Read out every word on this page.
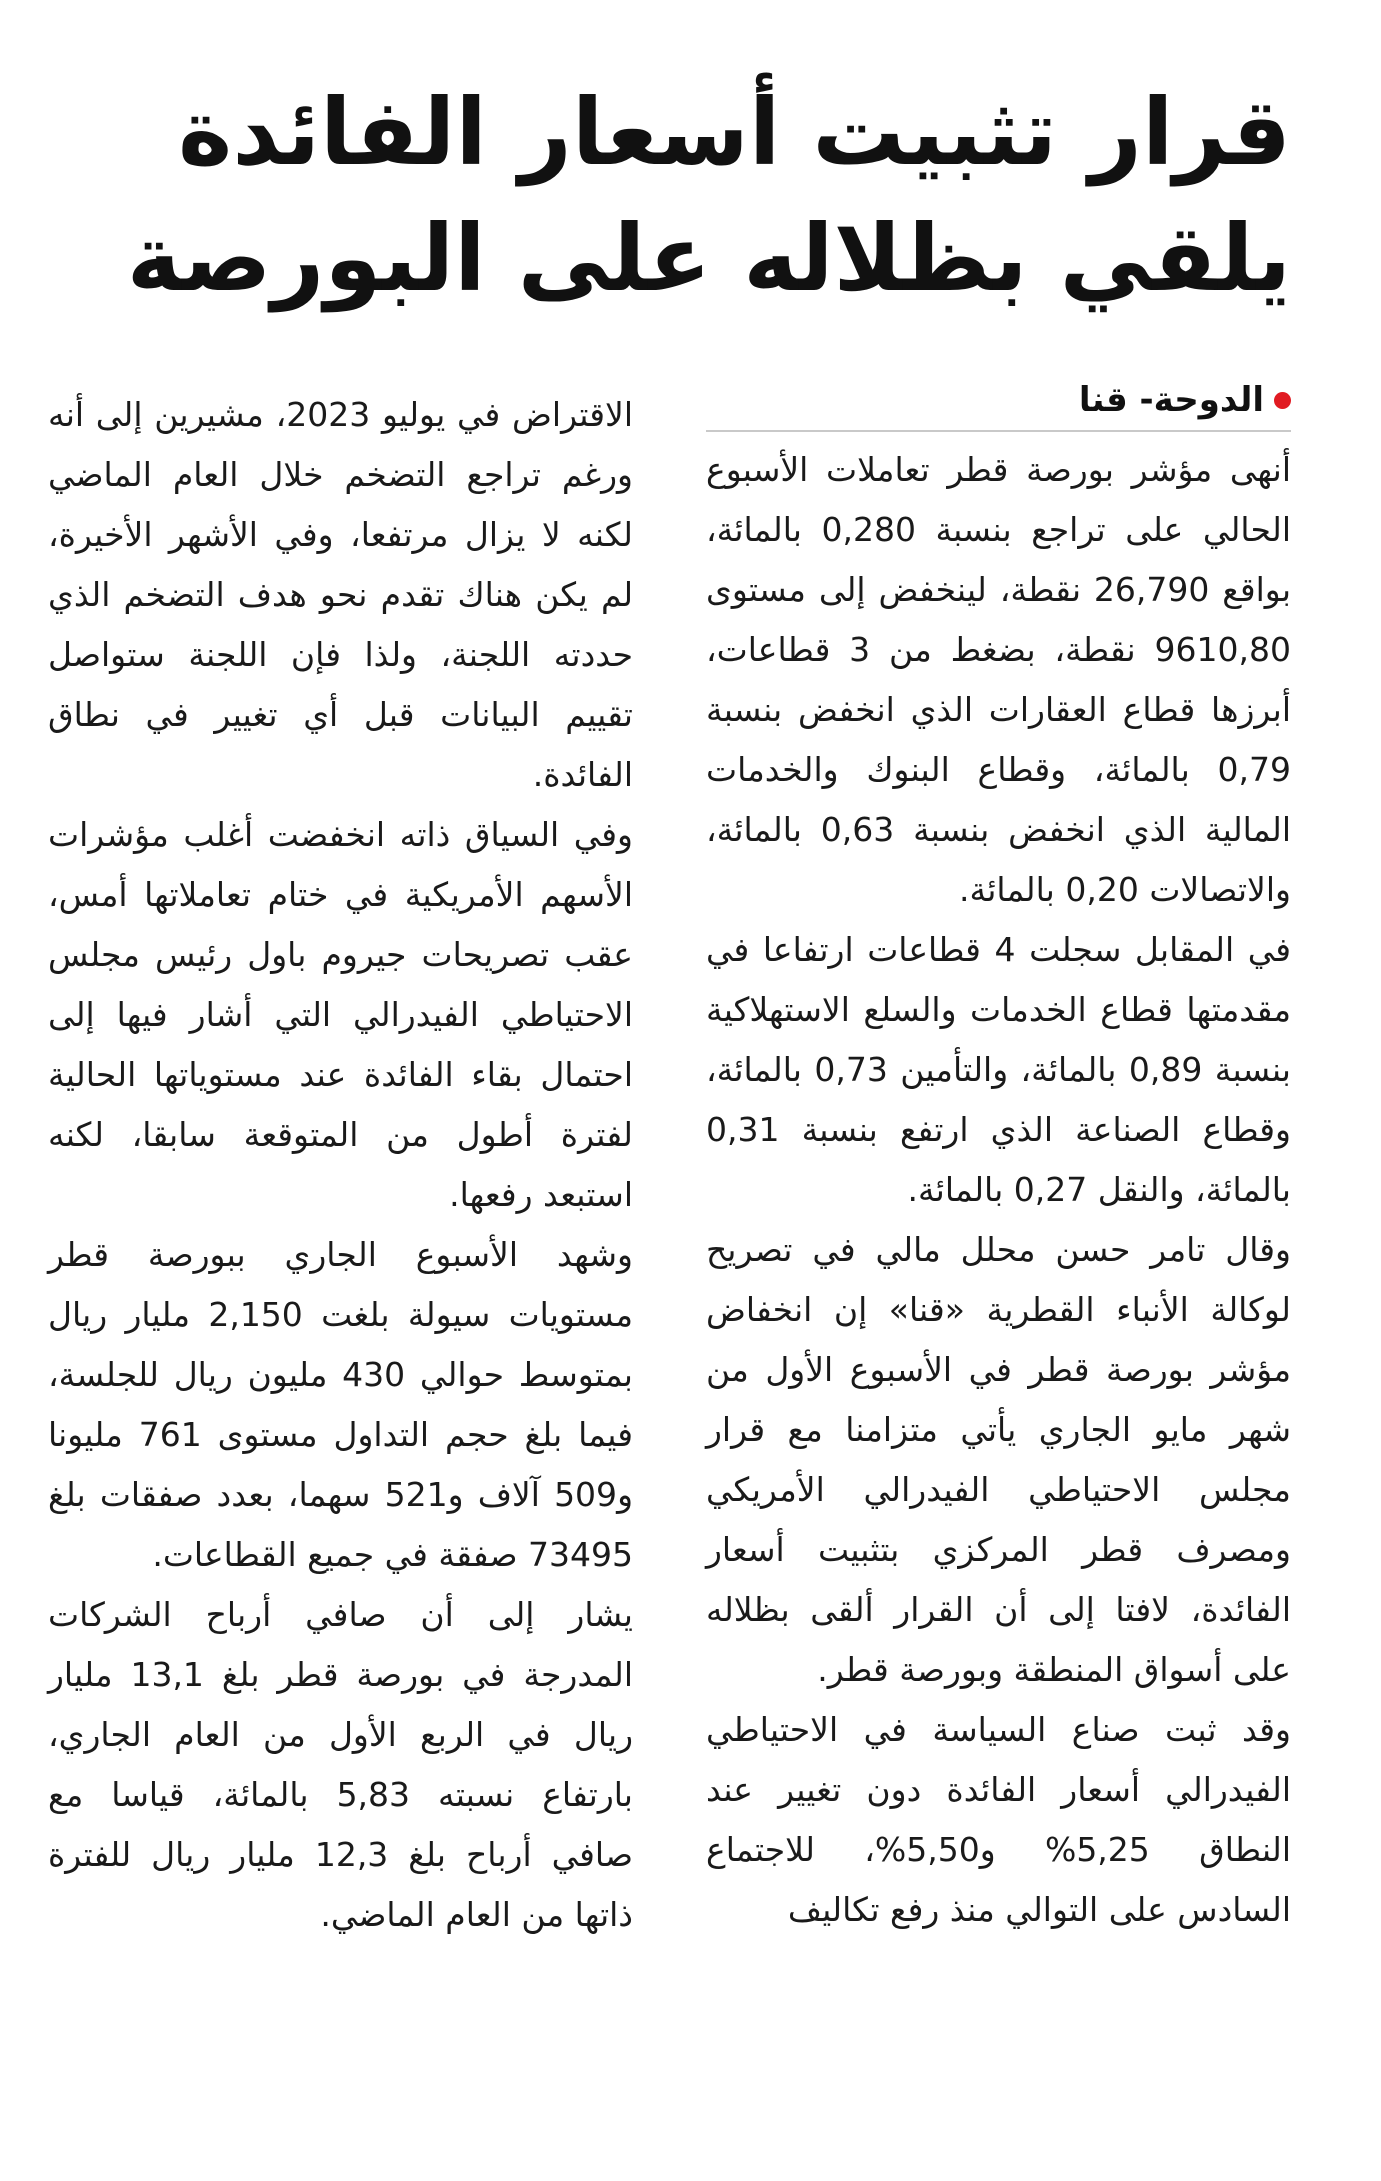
قرار تثبيت أسعار الفائدة
يلقي بظلاله على البورصة
الدوحة- قنا

أنهى مؤشر بورصة قطر تعاملات الأسبوع الحالي على تراجع بنسبة 0,280 بالمائة، بواقع 26,790 نقطة، لينخفض إلى مستوى 9610,80 نقطة، بضغط من 3 قطاعات، أبرزها قطاع العقارات الذي انخفض بنسبة 0,79 بالمائة، وقطاع البنوك والخدمات المالية الذي انخفض بنسبة 0,63 بالمائة، والاتصالات 0,20 بالمائة.

في المقابل سجلت 4 قطاعات ارتفاعا في مقدمتها قطاع الخدمات والسلع الاستهلاكية بنسبة 0,89 بالمائة، والتأمين 0,73 بالمائة، وقطاع الصناعة الذي ارتفع بنسبة 0,31 بالمائة، والنقل 0,27 بالمائة.

وقال تامر حسن محلل مالي في تصريح لوكالة الأنباء القطرية «قنا» إن انخفاض مؤشر بورصة قطر في الأسبوع الأول من شهر مايو الجاري يأتي متزامنا مع قرار مجلس الاحتياطي الفيدرالي الأمريكي ومصرف قطر المركزي بتثبيت أسعار الفائدة، لافتا إلى أن القرار ألقى بظلاله على أسواق المنطقة وبورصة قطر.

وقد ثبت صناع السياسة في الاحتياطي الفيدرالي أسعار الفائدة دون تغيير عند النطاق 5,25% و5,50%، للاجتماع السادس على التوالي منذ رفع تكاليف

الاقتراض في يوليو 2023، مشيرين إلى أنه ورغم تراجع التضخم خلال العام الماضي لكنه لا يزال مرتفعا، وفي الأشهر الأخيرة، لم يكن هناك تقدم نحو هدف التضخم الذي حددته اللجنة، ولذا فإن اللجنة ستواصل تقييم البيانات قبل أي تغيير في نطاق الفائدة.

وفي السياق ذاته انخفضت أغلب مؤشرات الأسهم الأمريكية في ختام تعاملاتها أمس، عقب تصريحات جيروم باول رئيس مجلس الاحتياطي الفيدرالي التي أشار فيها إلى احتمال بقاء الفائدة عند مستوياتها الحالية لفترة أطول من المتوقعة سابقا، لكنه استبعد رفعها.

وشهد الأسبوع الجاري ببورصة قطر مستويات سيولة بلغت 2,150 مليار ريال بمتوسط حوالي 430 مليون ريال للجلسة، فيما بلغ حجم التداول مستوى 761 مليونا و509 آلاف و521 سهما، بعدد صفقات بلغ 73495 صفقة في جميع القطاعات.

يشار إلى أن صافي أرباح الشركات المدرجة في بورصة قطر بلغ 13,1 مليار ريال في الربع الأول من العام الجاري، بارتفاع نسبته 5,83 بالمائة، قياسا مع صافي أرباح بلغ 12,3 مليار ريال للفترة ذاتها من العام الماضي.
